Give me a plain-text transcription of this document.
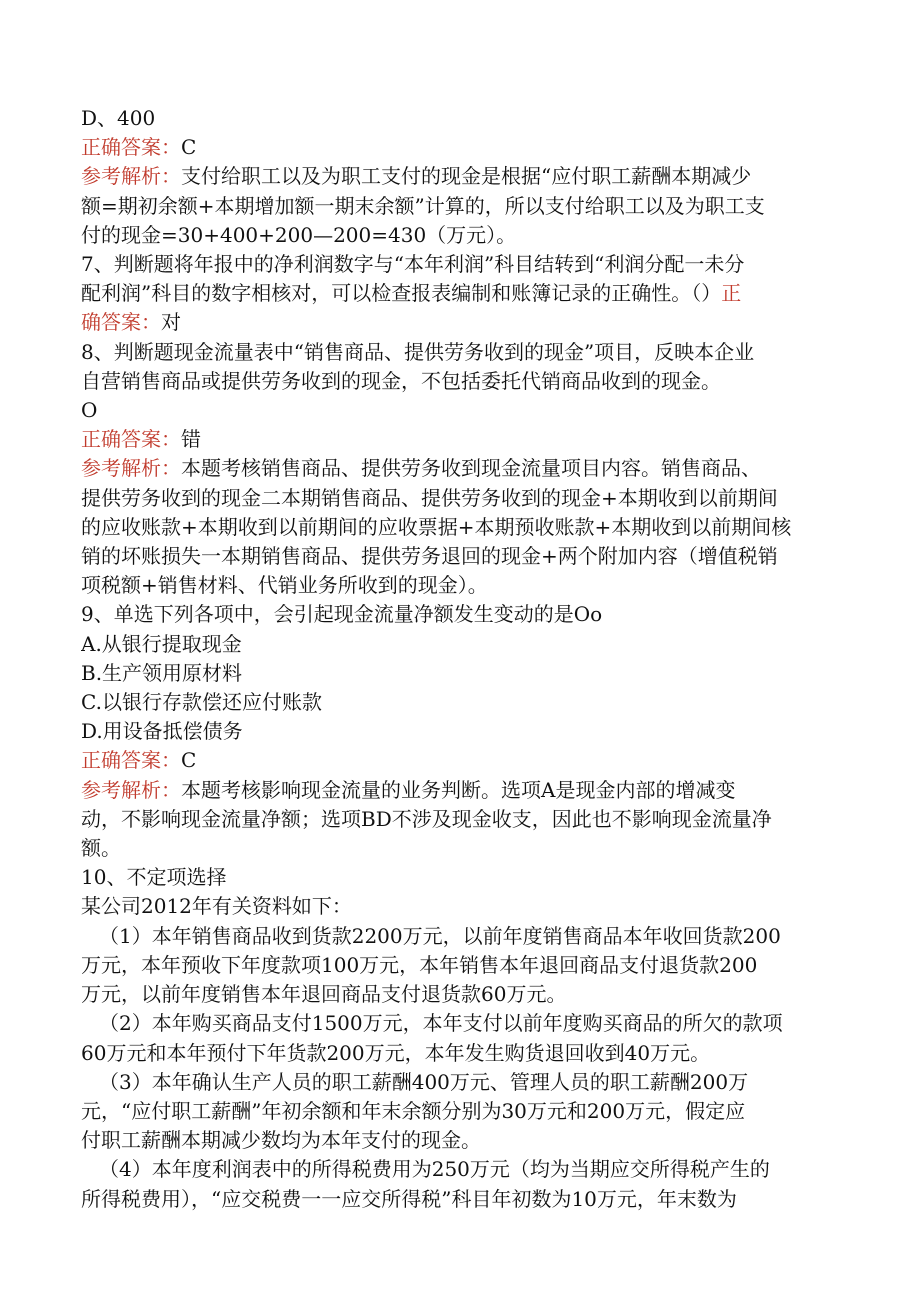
D、400
正确答案：C
参考解析：支付给职工以及为职工支付的现金是根据“应付职工薪酬本期减少
额=期初余额+本期增加额一期末余额”计算的，所以支付给职工以及为职工支
付的现金=30+400+200—200=430（万元）。
7、判断题将年报中的净利润数字与“本年利润”科目结转到“利润分配一未分
配利润”科目的数字相核对，可以检查报表编制和账簿记录的正确性。（）正
确答案：对
8、判断题现金流量表中“销售商品、提供劳务收到的现金”项目，反映本企业
自营销售商品或提供劳务收到的现金，不包括委托代销商品收到的现金。
O
正确答案：错
参考解析：本题考核销售商品、提供劳务收到现金流量项目内容。销售商品、
提供劳务收到的现金二本期销售商品、提供劳务收到的现金+本期收到以前期间
的应收账款+本期收到以前期间的应收票据+本期预收账款+本期收到以前期间核
销的坏账损失一本期销售商品、提供劳务退回的现金+两个附加内容（增值税销
项税额+销售材料、代销业务所收到的现金）。
9、单选下列各项中，会引起现金流量净额发生变动的是Oo
A.从银行提取现金
B.生产领用原材料
C.以银行存款偿还应付账款
D.用设备抵偿债务
正确答案：C
参考解析：本题考核影响现金流量的业务判断。选项A是现金内部的增减变
动，不影响现金流量净额；选项BD不涉及现金收支，因此也不影响现金流量净
额。
10、不定项选择
某公司2012年有关资料如下：
（1）本年销售商品收到货款2200万元，以前年度销售商品本年收回货款200
万元，本年预收下年度款项100万元，本年销售本年退回商品支付退货款200
万元，以前年度销售本年退回商品支付退货款60万元。
（2）本年购买商品支付1500万元，本年支付以前年度购买商品的所欠的款项
60万元和本年预付下年货款200万元，本年发生购货退回收到40万元。
（3）本年确认生产人员的职工薪酬400万元、管理人员的职工薪酬200万
元，“应付职工薪酬”年初余额和年末余额分别为30万元和200万元，假定应
付职工薪酬本期减少数均为本年支付的现金。
（4）本年度利润表中的所得税费用为250万元（均为当期应交所得税产生的
所得税费用），“应交税费一一应交所得税”科目年初数为10万元，年末数为
